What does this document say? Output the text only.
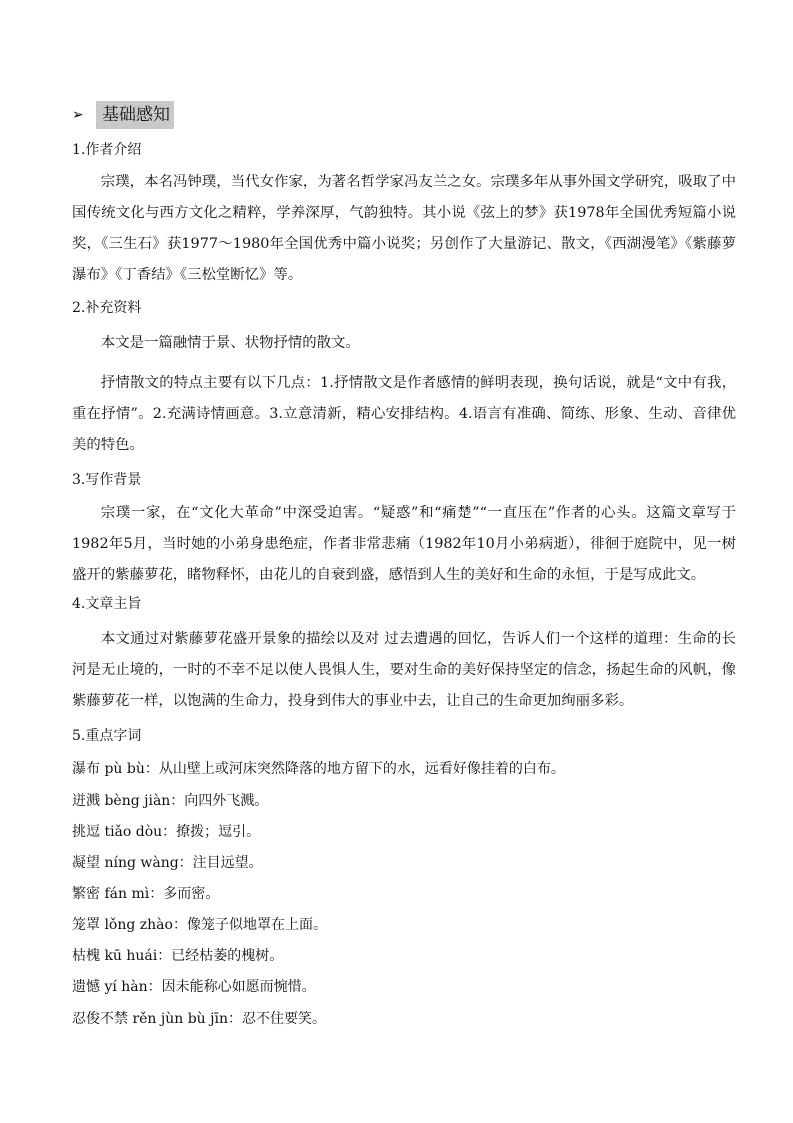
➢	基础感知
1.作者介绍
宗璞，本名冯钟璞，当代女作家，为著名哲学家冯友兰之女。宗璞多年从事外国文学研究，吸取了中国传统文化与西方文化之精粹，学养深厚，气韵独特。其小说《弦上的梦》获1978年全国优秀短篇小说奖，《三生石》获1977～1980年全国优秀中篇小说奖；另创作了大量游记、散文，《西湖漫笔》《紫藤萝瀑布》《丁香结》《三松堂断忆》等。
2.补充资料
本文是一篇融情于景、状物抒情的散文。
抒情散文的特点主要有以下几点：1.抒情散文是作者感情的鲜明表现，换句话说，就是“文中有我，重在抒情”。2.充满诗情画意。3.立意清新，精心安排结构。4.语言有准确、简练、形象、生动、音律优美的特色。
3.写作背景
宗璞一家，在“文化大革命”中深受迫害。“疑惑”和“痛楚”“一直压在”作者的心头。这篇文章写于1982年5月，当时她的小弟身患绝症，作者非常悲痛（1982年10月小弟病逝），徘徊于庭院中，见一树盛开的紫藤萝花，睹物释怀，由花儿的自衰到盛，感悟到人生的美好和生命的永恒，于是写成此文。
4.文章主旨
本文通过对紫藤萝花盛开景象的描绘以及对 过去遭遇的回忆，告诉人们一个这样的道理：生命的长河是无止境的，一时的不幸不足以使人畏惧人生，要对生命的美好保持坚定的信念，扬起生命的风帆，像紫藤萝花一样，以饱满的生命力，投身到伟大的事业中去，让自己的生命更加绚丽多彩。
5.重点字词
瀑布 pù bù：从山壁上或河床突然降落的地方留下的水，远看好像挂着的白布。
迸溅 bèng jiàn：向四外飞溅。
挑逗 tiǎo dòu：撩拨；逗引。
凝望 níng wàng：注目远望。
繁密 fán mì：多而密。
笼罩 lǒng zhào：像笼子似地罩在上面。
枯槐 kū huái：已经枯萎的槐树。
遗憾 yí hàn：因未能称心如愿而惋惜。
忍俊不禁 rěn jùn bù jīn：忍不住要笑。
